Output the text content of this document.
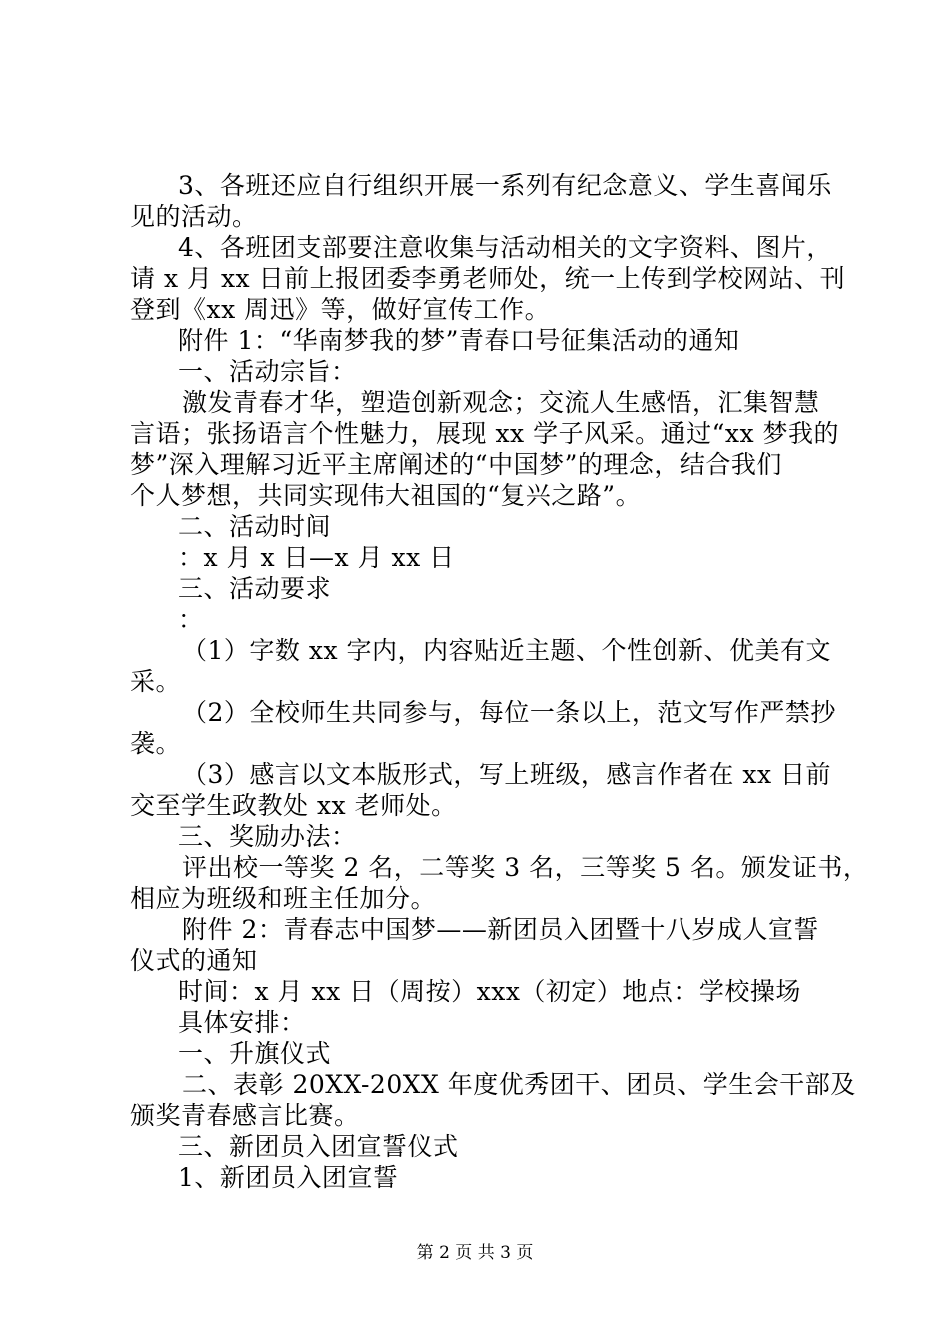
3、各班还应自行组织开展一系列有纪念意义、学生喜闻乐

见的活动。

4、各班团支部要注意收集与活动相关的文字资料、图片，

请 x 月 xx 日前上报团委李勇老师处，统一上传到学校网站、刊

登到《xx 周迅》等，做好宣传工作。

附件 1：“华南梦我的梦”青春口号征集活动的通知

一、活动宗旨：

激发青春才华，塑造创新观念；交流人生感悟，汇集智慧

言语；张扬语言个性魅力，展现 xx 学子风采。通过“xx 梦我的

梦”深入理解习近平主席阐述的“中国梦”的理念，结合我们

个人梦想，共同实现伟大祖国的“复兴之路”。

二、活动时间

：x 月 x 日—x 月 xx 日

三、活动要求

：

（1）字数 xx 字内，内容贴近主题、个性创新、优美有文

采。

（2）全校师生共同参与，每位一条以上，范文写作严禁抄

袭。

（3）感言以文本版形式，写上班级，感言作者在 xx 日前

交至学生政教处 xx 老师处。

三、奖励办法：

评出校一等奖 2 名，二等奖 3 名，三等奖 5 名。颁发证书，

相应为班级和班主任加分。

附件 2：青春志中国梦——新团员入团暨十八岁成人宣誓

仪式的通知

时间：x 月 xx 日（周按）xxx（初定）地点：学校操场

具体安排：

一、升旗仪式

二、表彰 20XX-20XX 年度优秀团干、团员、学生会干部及

颁奖青春感言比赛。

三、新团员入团宣誓仪式

1、新团员入团宣誓

第 2 页 共 3 页
